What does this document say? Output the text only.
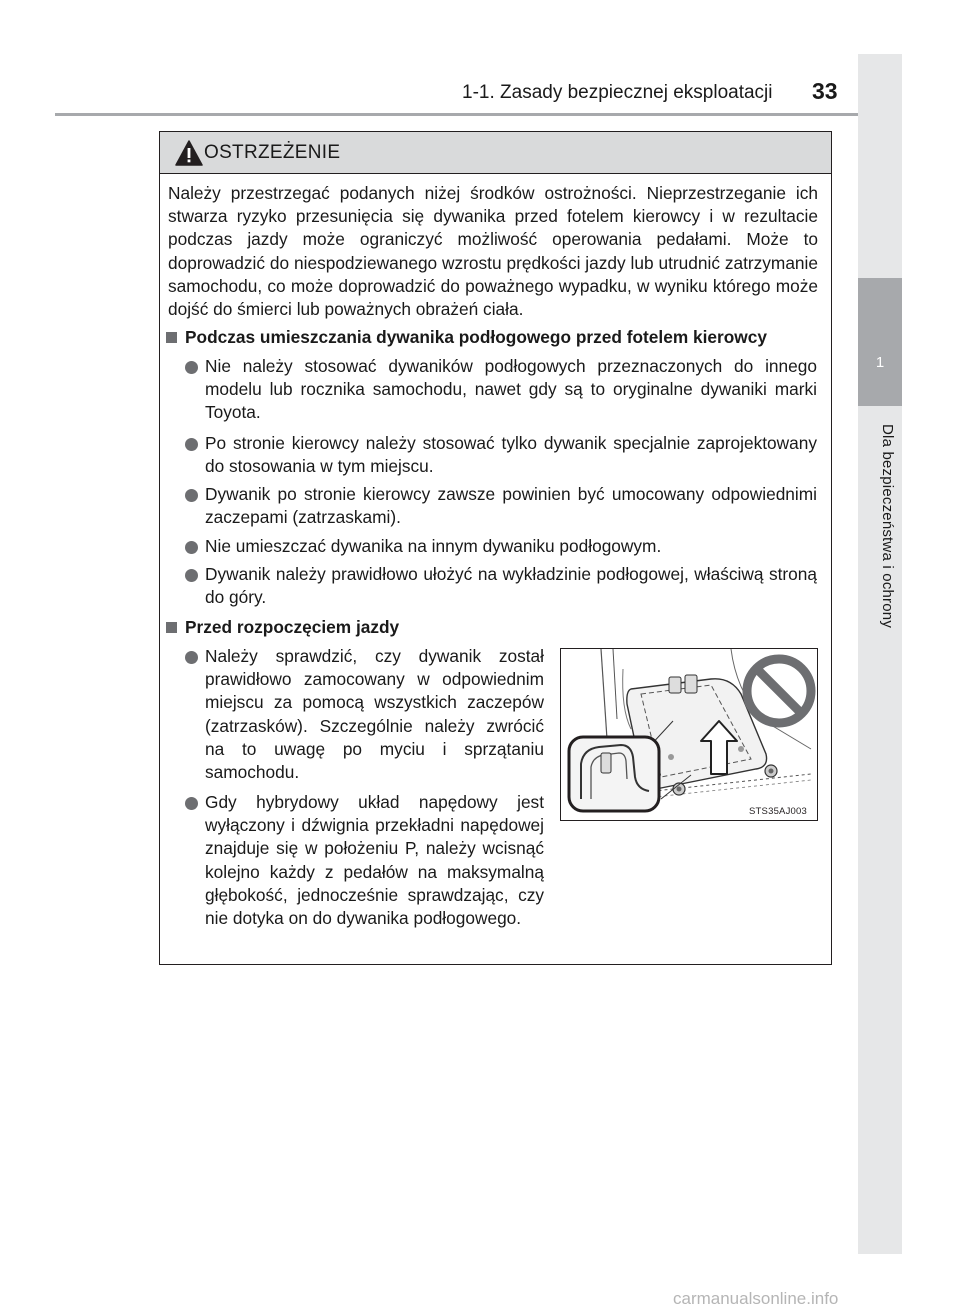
1
Dla bezpieczeństwa i ochrony
1-1. Zasady bezpiecznej eksploatacji 33
OSTRZEŻENIE
Należy przestrzegać podanych niżej środków ostrożności. Nieprzestrzeganie ich stwarza ryzyko przesunięcia się dywanika przed fotelem kierowcy i w rezultacie podczas jazdy może ograniczyć możliwość operowania pedałami. Może to doprowadzić do niespodziewanego wzrostu prędkości jazdy lub utrudnić zatrzymanie samochodu, co może doprowadzić do poważnego wypadku, w wyniku którego może dojść do śmierci lub poważnych obrażeń ciała.
Podczas umieszczania dywanika podłogowego przed fotelem kierowcy
Nie należy stosować dywaników podłogowych przeznaczonych do innego modelu lub rocznika samochodu, nawet gdy są to oryginalne dywaniki marki Toyota.
Po stronie kierowcy należy stosować tylko dywanik specjalnie zaprojektowany do stosowania w tym miejscu.
Dywanik po stronie kierowcy zawsze powinien być umocowany odpowiednimi zaczepami (zatrzaskami).
Nie umieszczać dywanika na innym dywaniku podłogowym.
Dywanik należy prawidłowo ułożyć na wykładzinie podłogowej, właściwą stroną do góry.
Przed rozpoczęciem jazdy
Należy sprawdzić, czy dywanik został prawidłowo zamocowany w odpowiednim miejscu za pomocą wszystkich zaczepów (zatrzasków). Szczególnie należy zwrócić na to uwagę po myciu i sprzątaniu samochodu.
Gdy hybrydowy układ napędowy jest wyłączony i dźwignia przekładni napędowej znajduje się w położeniu P, należy wcisnąć kolejno każdy z pedałów na maksymalną głębokość, jednocześnie sprawdzając, czy nie dotyka on do dywanika podłogowego.
STS35AJ003
carmanualsonline.info
